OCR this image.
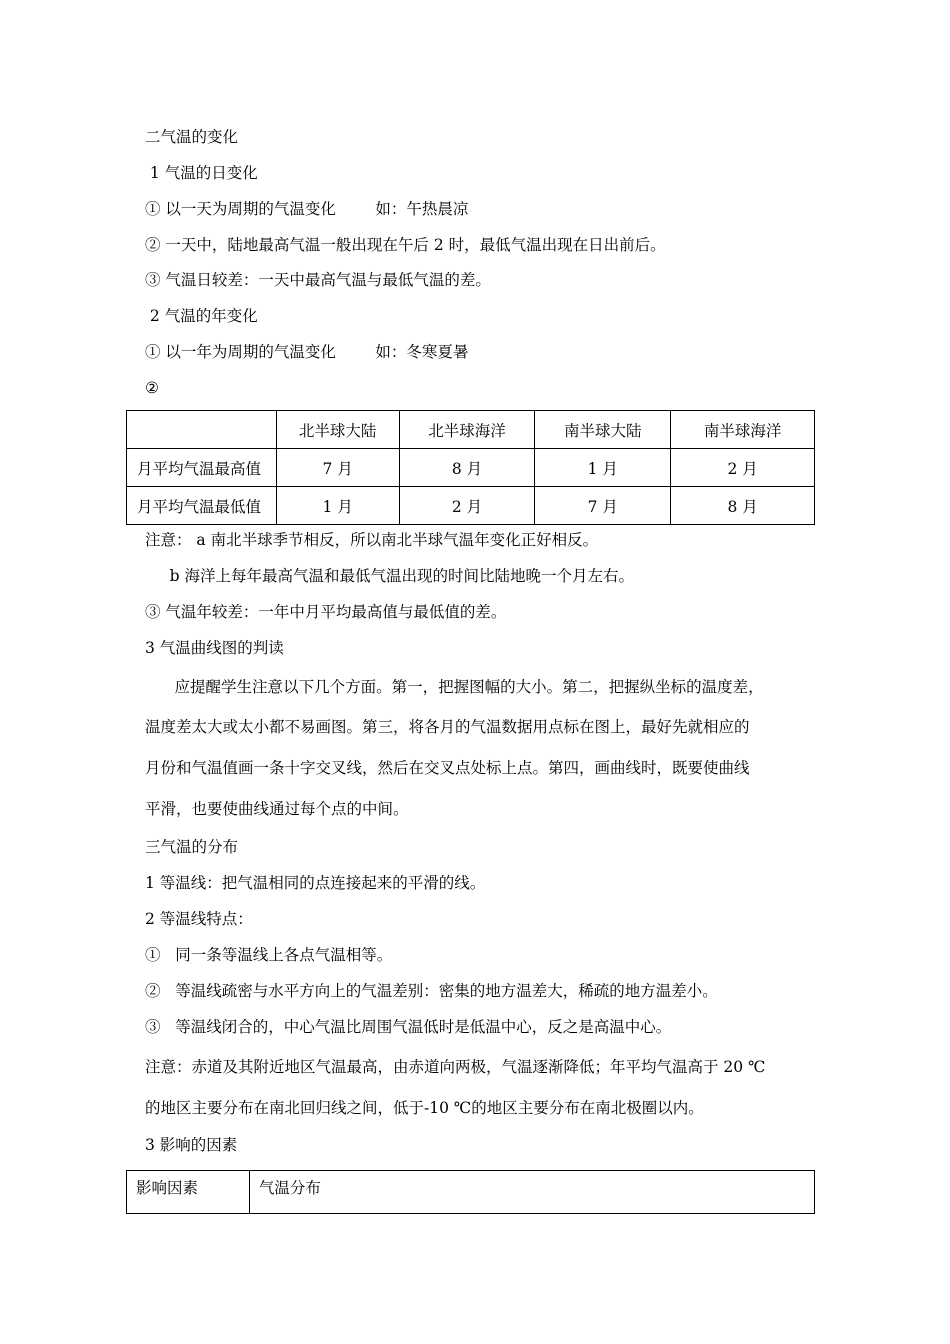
二气温的变化
1 气温的日变化
① 以一天为周期的气温变化        如：午热晨凉
② 一天中，陆地最高气温一般出现在午后 2 时，最低气温出现在日出前后。
③ 气温日较差：一天中最高气温与最低气温的差。
2 气温的年变化
① 以一年为周期的气温变化        如：冬寒夏暑
②
	北半球大陆	北半球海洋	南半球大陆	南半球海洋
月平均气温最高值	7 月	8 月	1 月	2 月
月平均气温最低值	1 月	2 月	7 月	8 月
注意： a 南北半球季节相反，所以南北半球气温年变化正好相反。
b 海洋上每年最高气温和最低气温出现的时间比陆地晚一个月左右。
③ 气温年较差：一年中月平均最高值与最低值的差。
3 气温曲线图的判读
应提醒学生注意以下几个方面。第一，把握图幅的大小。第二，把握纵坐标的温度差，
温度差太大或太小都不易画图。第三，将各月的气温数据用点标在图上，最好先就相应的
月份和气温值画一条十字交叉线，然后在交叉点处标上点。第四，画曲线时，既要使曲线
平滑，也要使曲线通过每个点的中间。
三气温的分布
1 等温线：把气温相同的点连接起来的平滑的线。
2 等温线特点：
①   同一条等温线上各点气温相等。
②   等温线疏密与水平方向上的气温差别：密集的地方温差大，稀疏的地方温差小。
③   等温线闭合的，中心气温比周围气温低时是低温中心，反之是高温中心。
注意：赤道及其附近地区气温最高，由赤道向两极，气温逐渐降低；年平均气温高于 20 ℃
的地区主要分布在南北回归线之间，低于-10 ℃的地区主要分布在南北极圈以内。
3 影响的因素
影响因素	气温分布
